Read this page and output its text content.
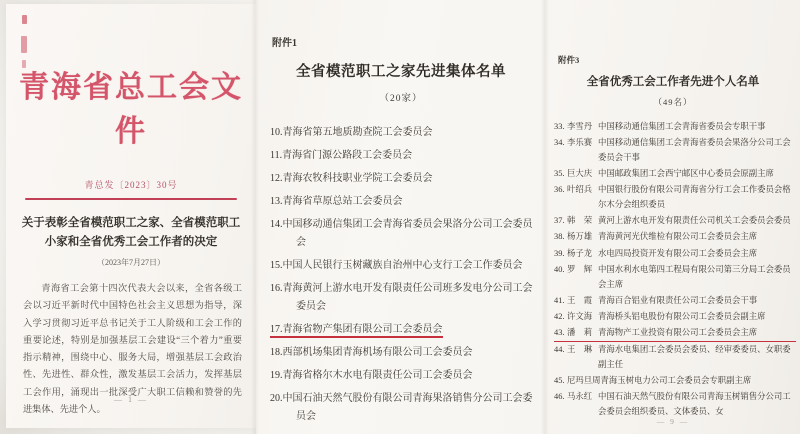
青海省总工会文件
青总发〔2023〕30号
关于表彰全省模范职工之家、全省模范职工
小家和全省优秀工会工作者的决定
（2023年7月27日）
青海省工会第十四次代表大会以来，全省各级工会以习近平新时代中国特色社会主义思想为指导，深入学习贯彻习近平总书记关于工人阶级和工会工作的重要论述，特别是加强基层工会建设“三个着力”重要指示精神，围绕中心、服务大局，增强基层工会政治性、先进性、群众性，激发基层工会活力，发挥基层工会作用，涌现出一批深受广大职工信赖和赞誉的先进集体、先进个人。
— 1 —
附件1
全省模范职工之家先进集体名单
（20家）
10.青海省第五地质勘查院工会委员会
11.青海省门源公路段工会委员会
12.青海农牧科技职业学院工会委员会
13.青海省草原总站工会委员会
14.中国移动通信集团工会青海省委员会果洛分公司工会委员会
15.中国人民银行玉树藏族自治州中心支行工会工作委员会
16.青海黄河上游水电开发有限责任公司班多发电分公司工会委员会
17.青海省物产集团有限公司工会委员会
18.西部机场集团青海机场有限公司工会委员会
19.青海省格尔木水电有限责任公司工会委员会
20.中国石油天然气股份有限公司青海果洛销售分公司工会委员会
附件3
全省优秀工会工作者先进个人名单
（49名）
33. 李雪丹 中国移动通信集团工会青海省委员会专职干事
34. 李乐赛 中国移动通信集团工会青海省委员会果洛分公司工会委员会干事
35. 巨大庆 中国邮政集团工会西宁邮区中心委员会原副主席
36. 叶绍兵 中国银行股份有限公司青海省分行工会工作委员会格尔木分会组织委员
37. 韩　荣 黄河上游水电开发有限责任公司机关工会委员会委员
38. 杨万雄 青海黄河光伏维检有限公司工会委员会主席
39. 杨子龙 水电四局投资开发有限公司工会委员会主席
40. 罗　辉 中国水利水电第四工程局有限公司第三分局工会委员会主席
41. 王　霞 青海百合铝业有限责任公司工会委员会干事
42. 许文海 青海桥头铝电股份有限公司工会委员会副主席
43. 潘　莉 青海物产工业投资有限公司工会委员会主席
44. 王　琳 青海水电集团工会委员会委员、经审委委员、女职委副主任
45. 尼玛旦周 青海玉树电力公司工会委员会专职副主席
46. 马永红 中国石油天然气股份有限公司青海玉树销售分公司工会委员会组织委员、文体委员、女
— 9 —
